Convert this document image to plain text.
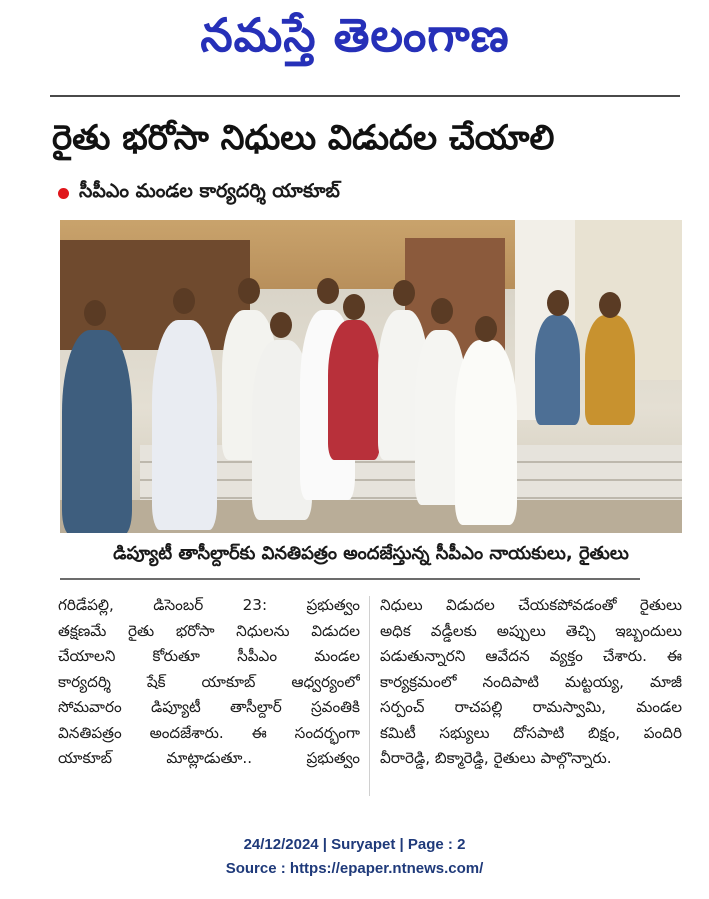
నమస్తే తెలంగాణ
రైతు భరోసా నిధులు విడుదల చేయాలి
సీపీఎం మండల కార్యదర్శి యాకూబ్
డిప్యూటీ తాసీల్దార్‌కు వినతిపత్రం అందజేస్తున్న సీపీఎం నాయకులు, రైతులు
గరిడేపల్లి, డిసెంబర్ 23: ప్రభుత్వం
తక్షణమే రైతు భరోసా నిధులను విడుదల
చేయాలని కోరుతూ సీపీఎం మండల
కార్యదర్శి షేక్ యాకూబ్ ఆధ్వర్యంలో
సోమవారం డిప్యూటీ తాసీల్దార్ స్రవంతికి
వినతిపత్రం అందజేశారు. ఈ సందర్భంగా
యాకూబ్ మాట్లాడుతూ.. ప్రభుత్వం
నిధులు విడుదల చేయకపోవడంతో రైతులు
అధిక వడ్డీలకు అప్పులు తెచ్చి ఇబ్బందులు
పడుతున్నారని ఆవేదన వ్యక్తం చేశారు. ఈ
కార్యక్రమంలో నందిపాటి మట్టయ్య, మాజీ
సర్పంచ్ రాచపల్లి రామస్వామి, మండల
కమిటీ సభ్యులు దోసపాటి బిక్షం, పందిరి
వీరారెడ్డి, బిక్మారెడ్డి, రైతులు పాల్గొన్నారు.
24/12/2024 | Suryapet | Page : 2
Source : https://epaper.ntnews.com/
